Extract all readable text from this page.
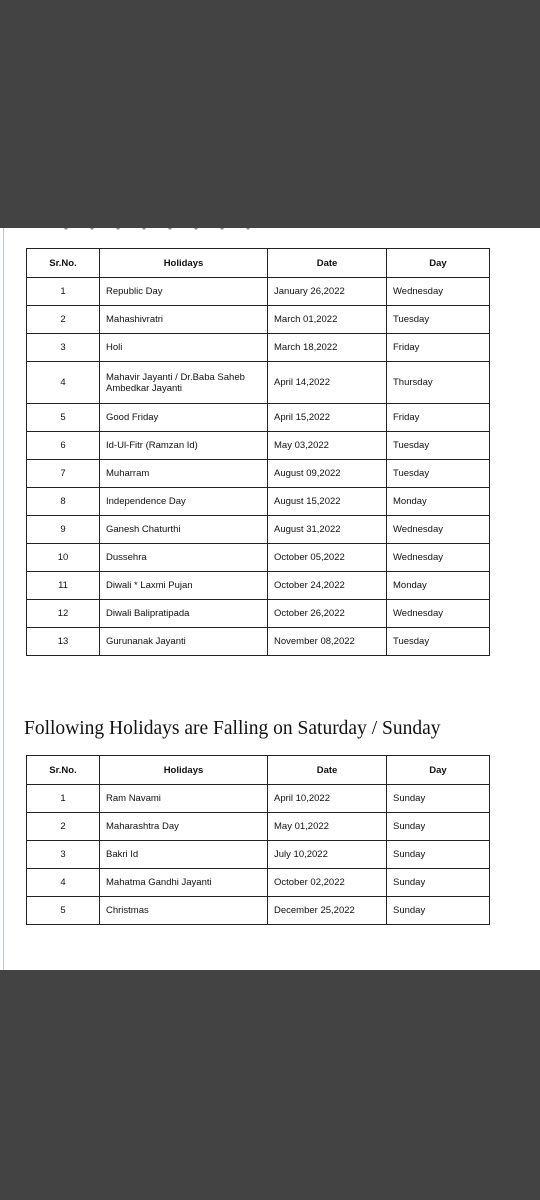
Sr.No.	Holidays	Date	Day
1	Republic Day	January 26,2022	Wednesday
2	Mahashivratri	March 01,2022	Tuesday
3	Holi	March 18,2022	Friday
4	Mahavir Jayanti / Dr.Baba Saheb Ambedkar Jayanti	April 14,2022	Thursday
5	Good Friday	April 15,2022	Friday
6	Id-Ul-Fitr (Ramzan Id)	May 03,2022	Tuesday
7	Muharram	August 09,2022	Tuesday
8	Independence Day	August 15,2022	Monday
9	Ganesh Chaturthi	August 31,2022	Wednesday
10	Dussehra	October 05,2022	Wednesday
11	Diwali * Laxmi Pujan	October 24,2022	Monday
12	Diwali Balipratipada	October 26,2022	Wednesday
13	Gurunanak Jayanti	November 08,2022	Tuesday
Following Holidays are Falling on Saturday / Sunday
Sr.No.	Holidays	Date	Day
1	Ram Navami	April 10,2022	Sunday
2	Maharashtra Day	May 01,2022	Sunday
3	Bakri Id	July 10,2022	Sunday
4	Mahatma Gandhi Jayanti	October 02,2022	Sunday
5	Christmas	December 25,2022	Sunday
